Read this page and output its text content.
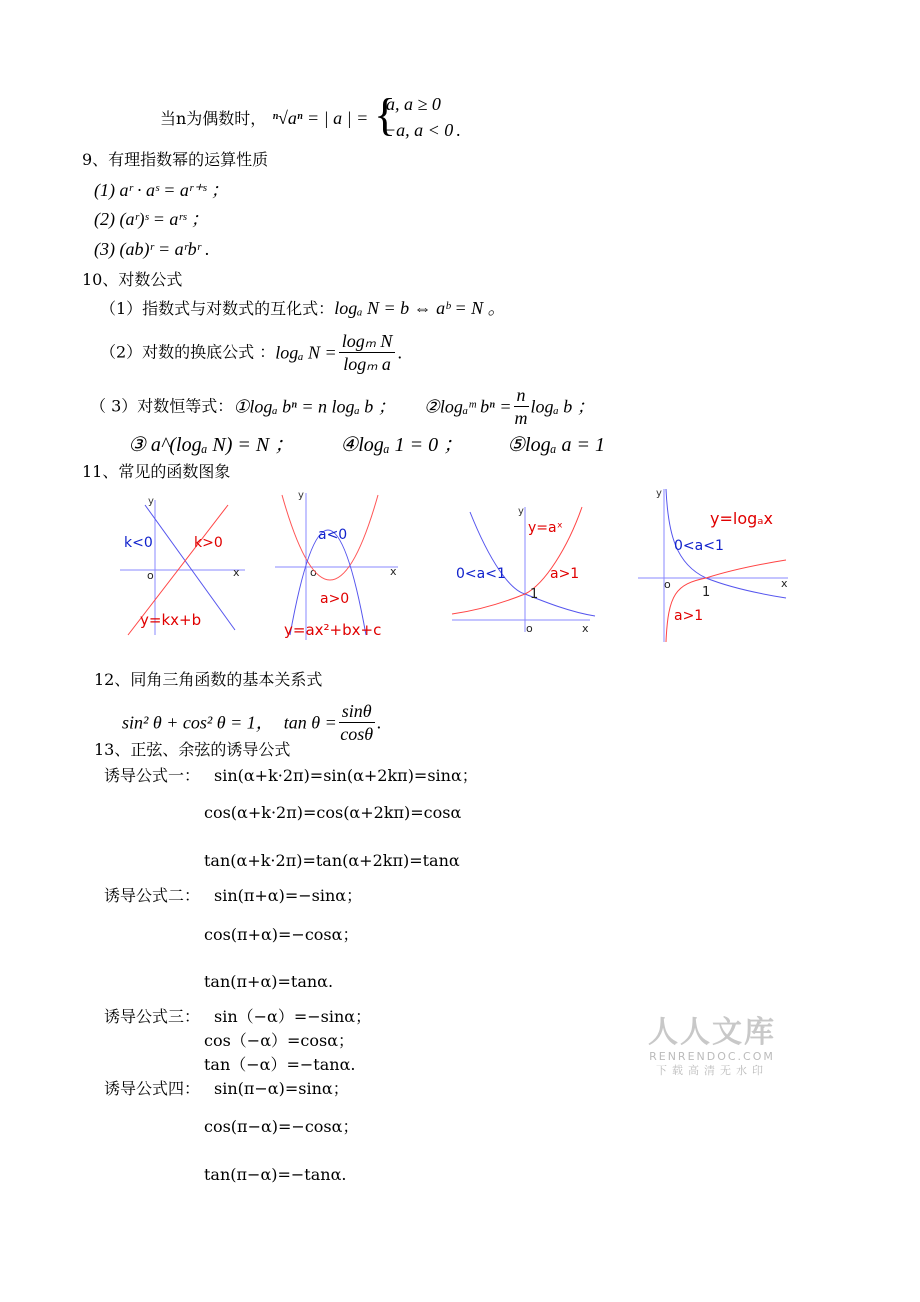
当n为偶数时， ⁿ√aⁿ = | a | = {
a, a ≥ 0
−a, a < 0 .
9、有理指数幂的运算性质
(1) aʳ · aˢ = aʳ⁺ˢ ；
(2) (aʳ)ˢ = aʳˢ ；
(3) (ab)ʳ = aʳbʳ .
10、对数公式
（1）指数式与对数式的互化式：logₐ N = b ⇔ aᵇ = N 。
（2）对数的换底公式 ：logₐ $N = \frac{\text{logₘ N}}{\text{logₘ a}}$ .
（ 3）对数恒等式：①logₐ bⁿ = n logₐ b ； ②logₐᵐ $b^n = \frac{n}{m}$ logₐ b ；
③ a^(logₐ N) = N ； ④logₐ 1 = 0 ； ⑤logₐ a = 1
11、常见的函数图象
y
x
o
k<0	k>0
y=kx+b
y
x
o
a<0
a>0
y=ax²+bx+c
y
x
o
y=aˣ
0<a<1	a>1
1
y
x
o
y=logₐx
0<a<1
a>1
1
12、同角三角函数的基本关系式
sin² θ + cos² θ = 1， $\tan \theta = \frac{\sin\theta}{\cos\theta}$ .
13、正弦、余弦的诱导公式
诱导公式一： sin(α+k·2π)=sin(α+2kπ)=sinα；
cos(α+k·2π)=cos(α+2kπ)=cosα
tan(α+k·2π)=tan(α+2kπ)=tanα
诱导公式二： sin(π+α)=−sinα；
cos(π+α)=−cosα；
tan(π+α)=tanα.
诱导公式三： sin（−α）=−sinα；
cos（−α）=cosα；
tan（−α）=−tanα.
诱导公式四： sin(π−α)=sinα；
cos(π−α)=−cosα；
tan(π−α)=−tanα.
人人文库
RENRENDOC.COM
下载高清无水印
